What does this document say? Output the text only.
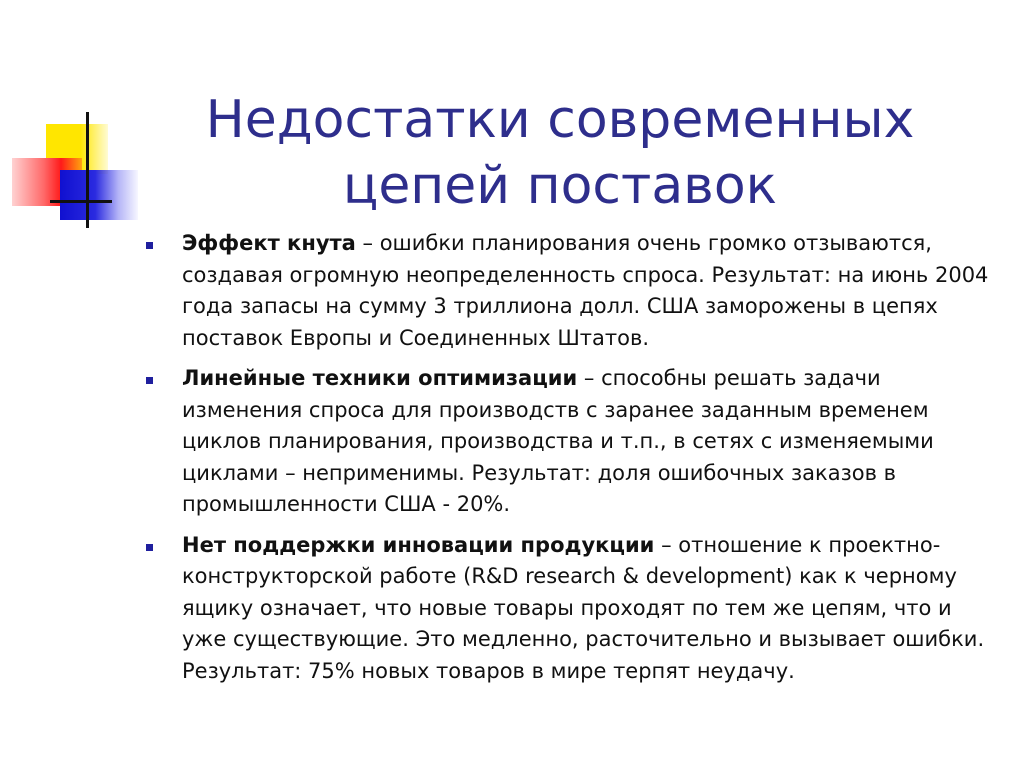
Недостатки современных
цепей поставок
Эффект кнута – ошибки планирования очень громко отзываются, создавая огромную неопределенность спроса. Результат: на июнь 2004 года запасы на сумму 3 триллиона долл. США заморожены в цепях поставок Европы и Соединенных Штатов.
Линейные техники оптимизации – способны решать задачи изменения спроса для производств с заранее заданным временем циклов планирования, производства и т.п., в сетях с изменяемыми циклами – неприменимы. Результат: доля ошибочных заказов в промышленности США - 20%.
Нет поддержки инновации продукции – отношение к проектно-конструкторской работе (R&D research & development) как к черному ящику означает, что новые товары проходят по тем же цепям, что и уже существующие. Это медленно, расточительно и вызывает ошибки. Результат: 75% новых товаров в мире терпят неудачу.
